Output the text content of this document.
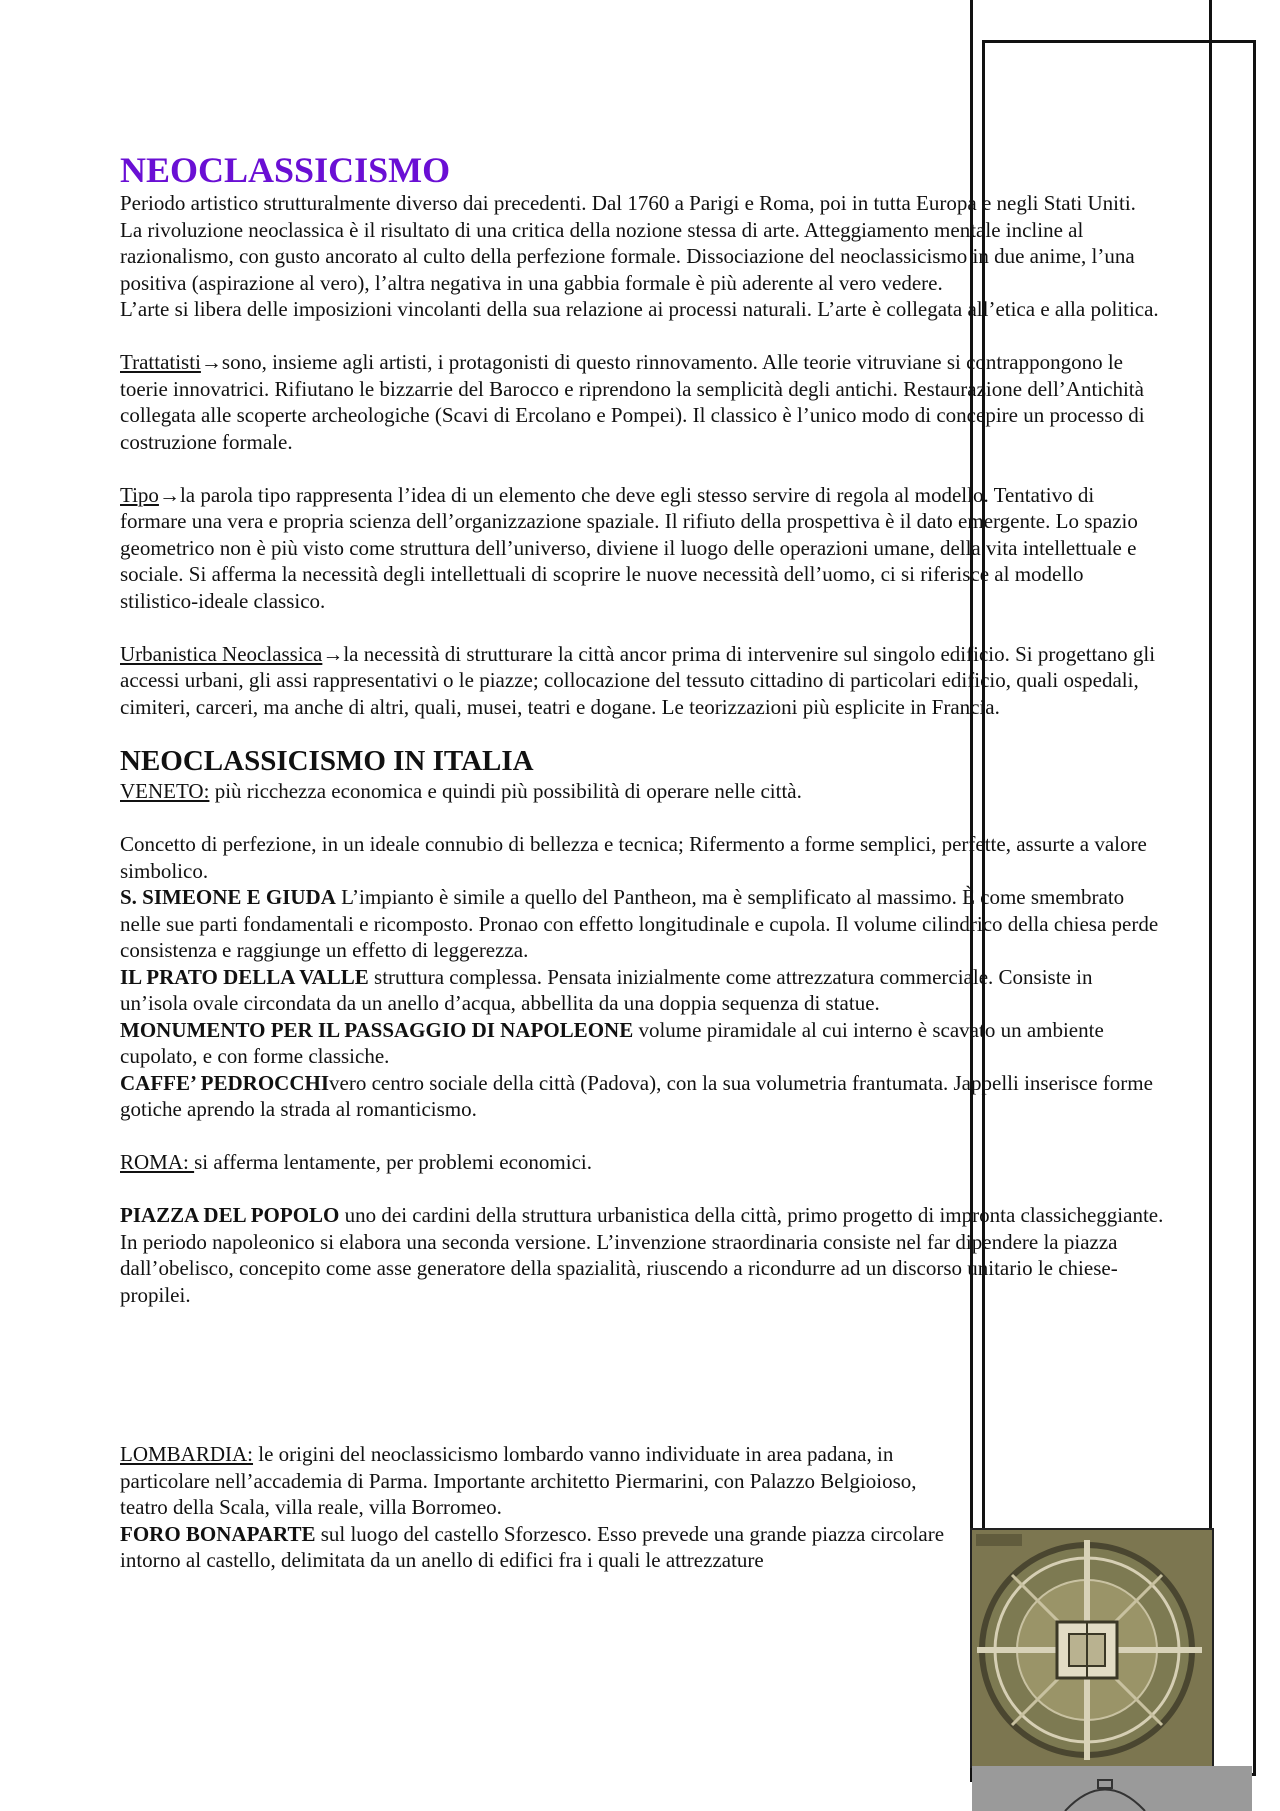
NEOCLASSICISMO

Periodo artistico strutturalmente diverso dai precedenti. Dal 1760 a Parigi e Roma, poi in tutta Europa e negli Stati Uniti.

La rivoluzione neoclassica è il risultato di una critica della nozione stessa di arte. Atteggiamento mentale incline al razionalismo, con gusto ancorato al culto della perfezione formale. Dissociazione del neoclassicismo in due anime, l’una positiva (aspirazione al vero), l’altra negativa in una gabbia formale è più aderente al vero vedere.

L’arte si libera delle imposizioni vincolanti della sua relazione ai processi naturali. L’arte è collegata all’etica e alla politica.

Trattatisti→sono, insieme agli artisti, i protagonisti di questo rinnovamento. Alle teorie vitruviane si contrappongono le toerie innovatrici. Rifiutano le bizzarrie del Barocco e riprendono la semplicità degli antichi. Restaurazione dell’Antichità collegata alle scoperte archeologiche (Scavi di Ercolano e Pompei). Il classico è l’unico modo di concepire un processo di costruzione formale.

Tipo→la parola tipo rappresenta l’idea di un elemento che deve egli stesso servire di regola al modello. Tentativo di formare una vera e propria scienza dell’organizzazione spaziale. Il rifiuto della prospettiva è il dato emergente. Lo spazio geometrico non è più visto come struttura dell’universo, diviene il luogo delle operazioni umane, della vita intellettuale e sociale. Si afferma la necessità degli intellettuali di scoprire le nuove necessità dell’uomo, ci si riferisce al modello stilistico-ideale classico.

Urbanistica Neoclassica→la necessità di strutturare la città ancor prima di intervenire sul singolo edificio. Si progettano gli accessi urbani, gli assi rappresentativi o le piazze; collocazione del tessuto cittadino di particolari edificio, quali ospedali, cimiteri, carceri, ma anche di altri, quali, musei, teatri e dogane. Le teorizzazioni più esplicite in Francia.

NEOCLASSICISMO IN ITALIA

VENETO: più ricchezza economica e quindi più possibilità di operare nelle città.

Concetto di perfezione, in un ideale connubio di bellezza e tecnica; Rifermento a forme semplici, perfette, assurte a valore simbolico.

S. SIMEONE E GIUDA L’impianto è simile a quello del Pantheon, ma è semplificato al massimo. È come smembrato nelle sue parti fondamentali e ricomposto. Pronao con effetto longitudinale e cupola. Il volume cilindrico della chiesa perde consistenza e raggiunge un effetto di leggerezza.

IL PRATO DELLA VALLE struttura complessa. Pensata inizialmente come attrezzatura commerciale. Consiste in un’isola ovale circondata da un anello d’acqua, abbellita da una doppia sequenza di statue.

MONUMENTO PER IL PASSAGGIO DI NAPOLEONE volume piramidale al cui interno è scavato un ambiente cupolato, e con forme classiche.

CAFFE’ PEDROCCHIvero centro sociale della città (Padova), con la sua volumetria frantumata. Jappelli inserisce forme gotiche aprendo la strada al romanticismo.

ROMA: si afferma lentamente, per problemi economici.

PIAZZA DEL POPOLO uno dei cardini della struttura urbanistica della città, primo progetto di impronta classicheggiante. In periodo napoleonico si elabora una seconda versione. L’invenzione straordinaria consiste nel far dipendere la piazza dall’obelisco, concepito come asse generatore della spazialità, riuscendo a ricondurre ad un discorso unitario le chiese-propilei.

LOMBARDIA: le origini del neoclassicismo lombardo vanno individuate in area padana, in particolare nell’accademia di Parma. Importante architetto Piermarini, con Palazzo Belgioioso, teatro della Scala, villa reale, villa Borromeo.

FORO BONAPARTE sul luogo del castello Sforzesco. Esso prevede una grande piazza circolare intorno al castello, delimitata da un anello di edifici fra i quali le attrezzature
